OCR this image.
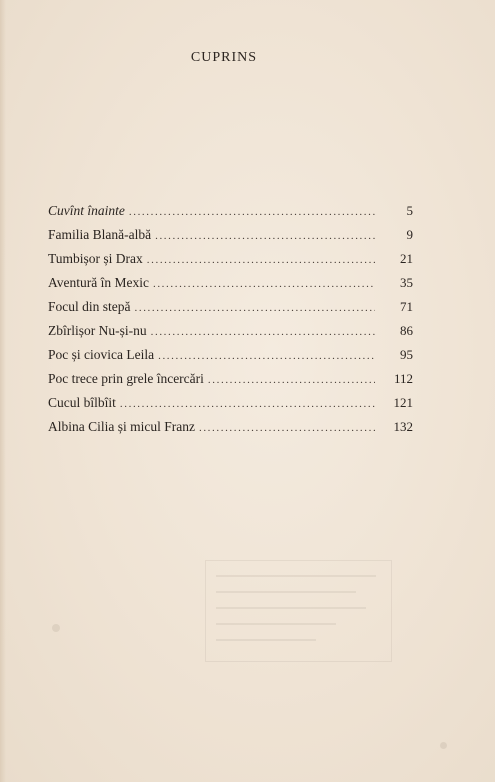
CUPRINS
Cuvînt înainte .....	5
Familia Blană-albă .....	9
Tumbișor și Drax .....	21
Aventură în Mexic .....	35
Focul din stepă .....	71
Zbîrlișor Nu-și-nu .....	86
Poc și ciovica Leila .....	95
Poc trece prin grele încercări .....	112
Cucul bîlbîit .....	121
Albina Cilia și micul Franz .....	132
